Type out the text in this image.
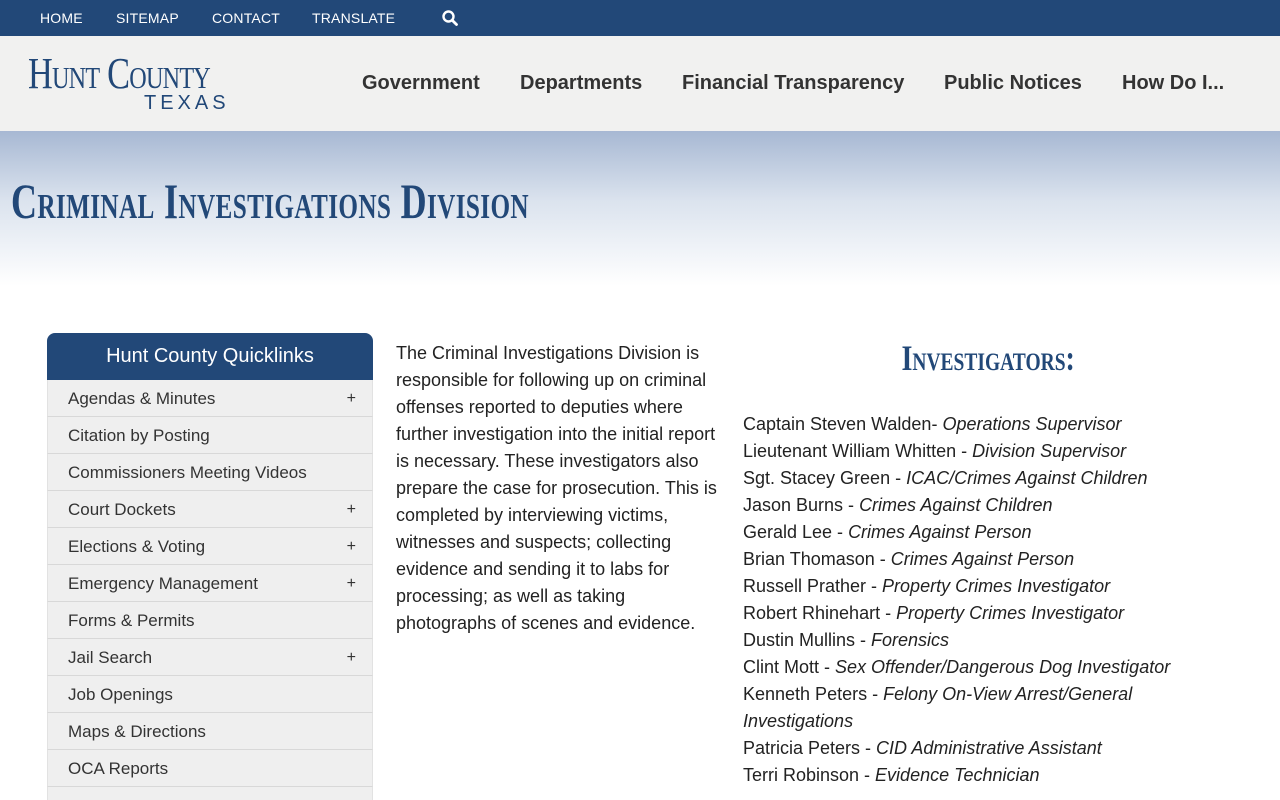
HOME SITEMAP CONTACT TRANSLATE
Hunt County
TEXAS
Government Departments Financial Transparency Public Notices How Do I...
Criminal Investigations Division
Hunt County Quicklinks
Agendas & Minutes	+
Citation by Posting
Commissioners Meeting Videos
Court Dockets	+
Elections & Voting	+
Emergency Management	+
Forms & Permits
Jail Search	+
Job Openings
Maps & Directions
OCA Reports

The Criminal Investigations Division is responsible for following up on criminal offenses reported to deputies where further investigation into the initial report is necessary. These investigators also prepare the case for prosecution. This is completed by interviewing victims, witnesses and suspects; collecting evidence and sending it to labs for processing; as well as taking photographs of scenes and evidence.

Investigators:
Captain Steven Walden- Operations Supervisor
Lieutenant William Whitten - Division Supervisor
Sgt. Stacey Green - ICAC/Crimes Against Children
Jason Burns - Crimes Against Children
Gerald Lee - Crimes Against Person
Brian Thomason - Crimes Against Person
Russell Prather - Property Crimes Investigator
Robert Rhinehart - Property Crimes Investigator
Dustin Mullins - Forensics
Clint Mott - Sex Offender/Dangerous Dog Investigator
Kenneth Peters - Felony On-View Arrest/General Investigations
Patricia Peters - CID Administrative Assistant
Terri Robinson - Evidence Technician
